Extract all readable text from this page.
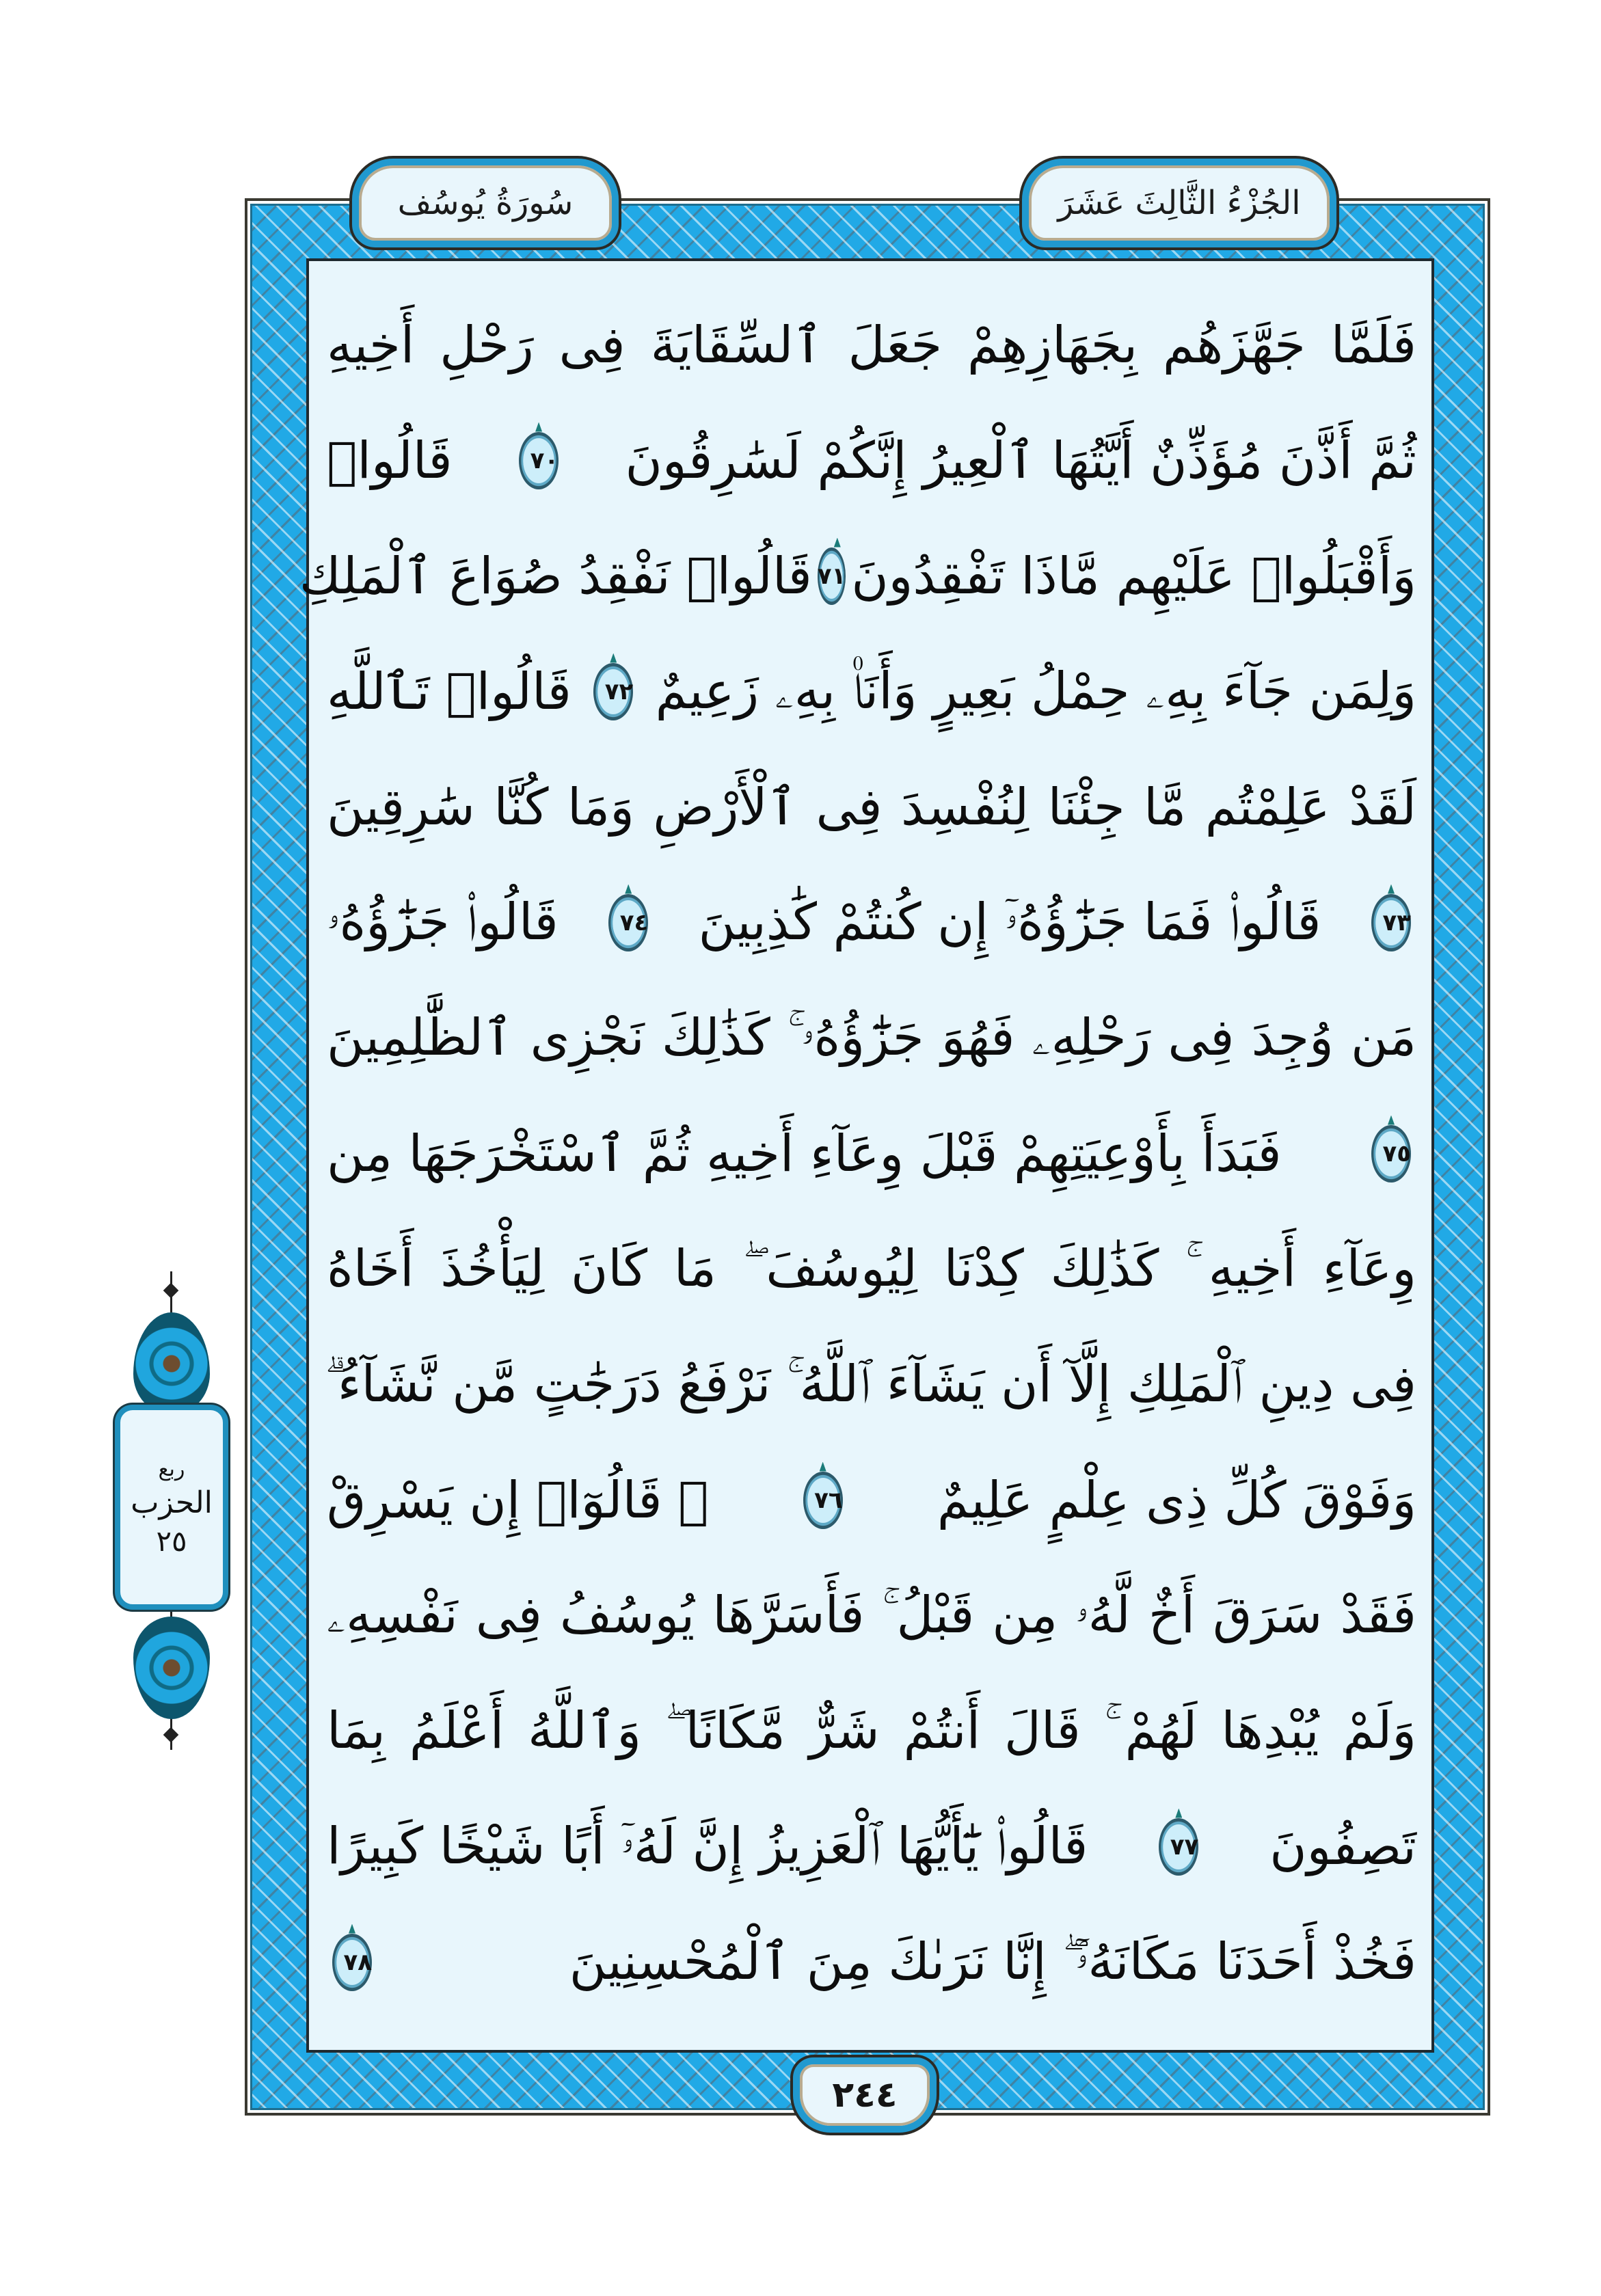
سُورَةُ يُوسُف	الجُزْءُ الثَّالِثَ عَشَرَ
فَلَمَّا جَهَّزَهُم بِجَهَازِهِمْ جَعَلَ ٱلسِّقَايَةَ فِى رَحْلِ أَخِيهِ
ثُمَّ أَذَّنَ مُؤَذِّنٌ أَيَّتُهَا ٱلْعِيرُ إِنَّكُمْ لَسَٰرِقُونَ
٧٠
قَالُوا۟
وَأَقْبَلُوا۟ عَلَيْهِم مَّاذَا تَفْقِدُونَ
٧١
قَالُوا۟ نَفْقِدُ صُوَاعَ ٱلْمَلِكِ
وَلِمَن جَآءَ بِهِۦ حِمْلُ بَعِيرٍ وَأَنَا۠ بِهِۦ زَعِيمٌ
٧٢
قَالُوا۟ تَٱللَّهِ
لَقَدْ عَلِمْتُم مَّا جِئْنَا لِنُفْسِدَ فِى ٱلْأَرْضِ وَمَا كُنَّا سَٰرِقِينَ
٧٣
قَالُوا۟ فَمَا جَزَٰٓؤُهُۥٓ إِن كُنتُمْ كَٰذِبِينَ
٧٤
قَالُوا۟ جَزَٰٓؤُهُۥ
مَن وُجِدَ فِى رَحْلِهِۦ فَهُوَ جَزَٰٓؤُهُۥ ۚ كَذَٰلِكَ نَجْزِى ٱلظَّٰلِمِينَ
٧٥
فَبَدَأَ بِأَوْعِيَتِهِمْ قَبْلَ وِعَآءِ أَخِيهِ ثُمَّ ٱسْتَخْرَجَهَا مِن
وِعَآءِ أَخِيهِ ۚ كَذَٰلِكَ كِدْنَا لِيُوسُفَ ۖ مَا كَانَ لِيَأْخُذَ أَخَاهُ
فِى دِينِ ٱلْمَلِكِ إِلَّآ أَن يَشَآءَ ٱللَّهُ ۚ نَرْفَعُ دَرَجَٰتٍ مَّن نَّشَآءُ ۗ
وَفَوْقَ كُلِّ ذِى عِلْمٍ عَلِيمٌ
٧٦
۞ قَالُوٓا۟ إِن يَسْرِقْ
فَقَدْ سَرَقَ أَخٌ لَّهُۥ مِن قَبْلُ ۚ فَأَسَرَّهَا يُوسُفُ فِى نَفْسِهِۦ
وَلَمْ يُبْدِهَا لَهُمْ ۚ قَالَ أَنتُمْ شَرٌّ مَّكَانًا ۖ وَٱللَّهُ أَعْلَمُ بِمَا
تَصِفُونَ
٧٧
قَالُوا۟ يَٰٓأَيُّهَا ٱلْعَزِيزُ إِنَّ لَهُۥٓ أَبًا شَيْخًا كَبِيرًا
فَخُذْ أَحَدَنَا مَكَانَهُۥٓ ۖ إِنَّا نَرَىٰكَ مِنَ ٱلْمُحْسِنِينَ
٧٨
٢٤٤
ربع
الحزب
٢٥
